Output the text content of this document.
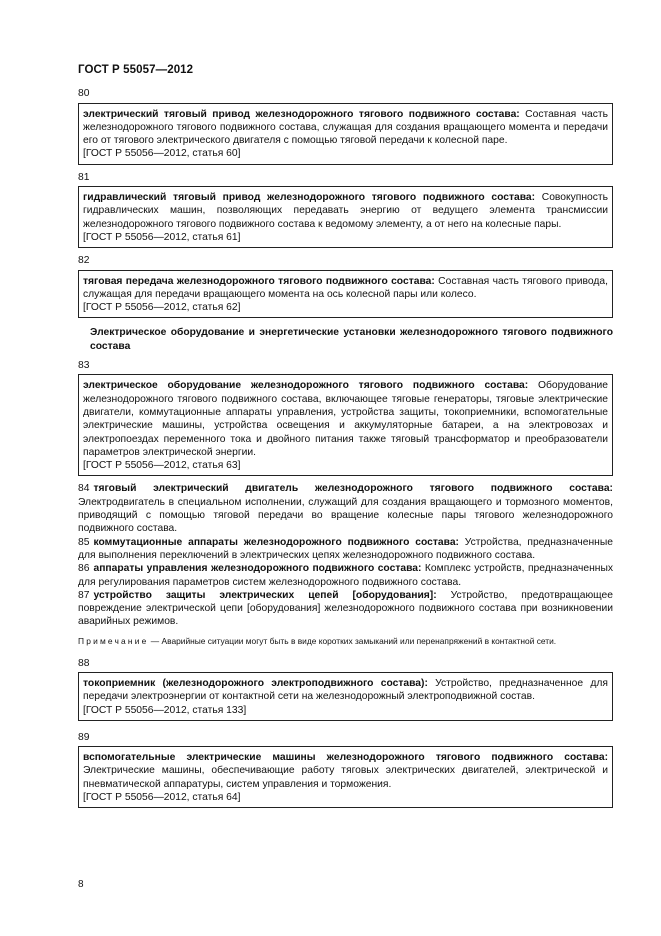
ГОСТ Р 55057—2012
80

электрический тяговый привод железнодорожного тягового подвижного состава: Составная часть железнодорожного тягового подвижного состава, служащая для создания вращающего момента и передачи его от тягового электрического двигателя с помощью тяговой передачи к колесной паре.

[ГОСТ Р 55056—2012, статья 60]
81

гидравлический тяговый привод железнодорожного тягового подвижного состава: Совокупность гидравлических машин, позволяющих передавать энергию от ведущего элемента трансмиссии железнодорожного тягового подвижного состава к ведомому элементу, а от него на колесные пары.

[ГОСТ Р 55056—2012, статья 61]
82

тяговая передача железнодорожного тягового подвижного состава: Составная часть тягового привода, служащая для передачи вращающего момента на ось колесной пары или колесо.

[ГОСТ Р 55056—2012, статья 62]
Электрическое оборудование и энергетические установки железнодорожного тягового подвижного состава
83

электрическое оборудование железнодорожного тягового подвижного состава: Оборудование железнодорожного тягового подвижного состава, включающее тяговые генераторы, тяговые электрические двигатели, коммутационные аппараты управления, устройства защиты, токоприемники, вспомогательные электрические машины, устройства освещения и аккумуляторные батареи, а на электровозах и электропоездах переменного тока и двойного питания также тяговый трансформатор и преобразователи параметров электрической энергии.

[ГОСТ Р 55056—2012, статья 63]

84 тяговый электрический двигатель железнодорожного тягового подвижного состава: Электродвигатель в специальном исполнении, служащий для создания вращающего и тормозного моментов, приводящий с помощью тяговой передачи во вращение колесные пары тягового железнодорожного подвижного состава.

85 коммутационные аппараты железнодорожного подвижного состава: Устройства, предназначенные для выполнения переключений в электрических цепях железнодорожного подвижного состава.

86 аппараты управления железнодорожного подвижного состава: Комплекс устройств, предназначенных для регулирования параметров систем железнодорожного подвижного состава.

87 устройство защиты электрических цепей [оборудования]: Устройство, предотвращающее повреждение электрической цепи [оборудования] железнодорожного подвижного состава при возникновении аварийных режимов.

Примечание — Аварийные ситуации могут быть в виде коротких замыканий или перенапряжений в контактной сети.

88

токоприемник (железнодорожного электроподвижного состава): Устройство, предназначенное для передачи электроэнергии от контактной сети на железнодорожный электроподвижной состав.

[ГОСТ Р 55056—2012, статья 133]
89

вспомогательные электрические машины железнодорожного тягового подвижного состава: Электрические машины, обеспечивающие работу тяговых электрических двигателей, электрической и пневматической аппаратуры, систем управления и торможения.

[ГОСТ Р 55056—2012, статья 64]
8
